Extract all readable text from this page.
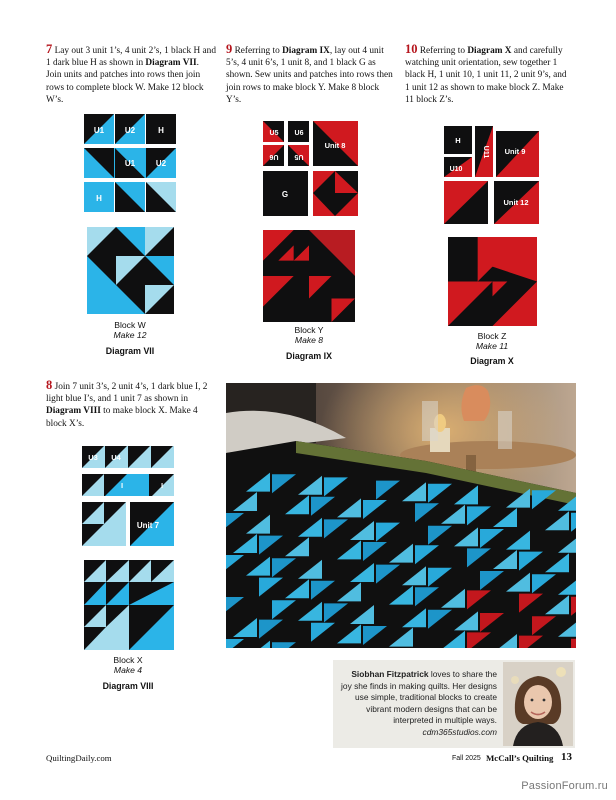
7 Lay out 3 unit 1’s, 4 unit 2’s, 1 black H and 1 dark blue H as shown in Diagram VII. Join units and patches into rows then join rows to complete block W. Make 12 block W’s.
9 Referring to Diagram IX, lay out 4 unit 5’s, 4 unit 6’s, 1 unit 8, and 1 black G as shown. Sew units and patches into rows then join rows to make block Y. Make 8 block Y’s.
10 Referring to Diagram X and carefully watching unit orientation, sew together 1 black H, 1 unit 10, 1 unit 11, 2 unit 9’s, and 1 unit 12 as shown to make block Z. Make 11 block Z’s.
8 Join 7 unit 3’s, 2 unit 4’s, 1 dark blue I, 2 light blue I’s, and 1 unit 7 as shown in Diagram VIII to make block X. Make 4 block X’s.
U1	U2	H
U1	U2
H
Block W
Make 12
Diagram VII
U3 U4
I	I
Unit 7
Block X
Make 4
Diagram VIII
U5 U6
U6 U5
Unit 8
G
Block Y
Make 8
Diagram IX
H
U10
U11 Unit 9
Unit 12
Block Z
Make 11
Diagram X
Siobhan Fitzpatrick loves to share the joy she finds in making quilts. Her designs use simple, traditional blocks to create vibrant modern designs that can be interpreted in multiple ways. cdm365studios.com
QuiltingDaily.com	Fall 2025 McCall’s Quilting 13
PassionForum.ru
